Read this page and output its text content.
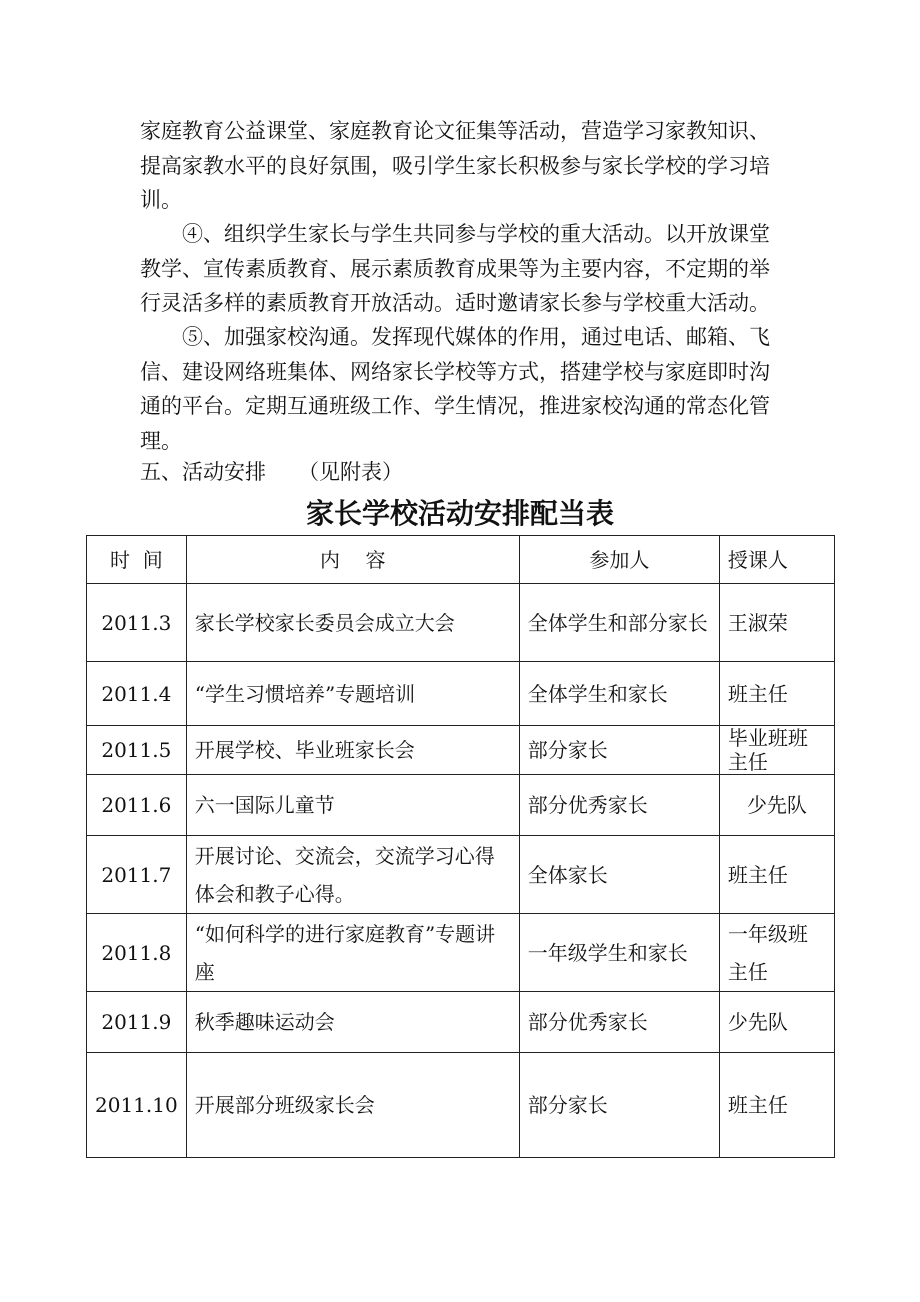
家庭教育公益课堂、家庭教育论文征集等活动，营造学习家教知识、
提高家教水平的良好氛围，吸引学生家长积极参与家长学校的学习培
训。

④、组织学生家长与学生共同参与学校的重大活动。以开放课堂
教学、宣传素质教育、展示素质教育成果等为主要内容，不定期的举
行灵活多样的素质教育开放活动。适时邀请家长参与学校重大活动。

⑤、加强家校沟通。发挥现代媒体的作用，通过电话、邮箱、飞
信、建设网络班集体、网络家长学校等方式，搭建学校与家庭即时沟
通的平台。定期互通班级工作、学生情况，推进家校沟通的常态化管
理。

五、活动安排 （见附表）

家长学校活动安排配当表
时  间	内    容	参加人	授课人
2011.3	家长学校家长委员会成立大会	全体学生和部分家长	王淑荣
2011.4	“学生习惯培养”专题培训	全体学生和家长	班主任
2011.5	开展学校、毕业班家长会	部分家长	毕业班班主任
2011.6	六一国际儿童节	部分优秀家长	少先队
2011.7	开展讨论、交流会，交流学习心得体会和教子心得。	全体家长	班主任
2011.8	“如何科学的进行家庭教育”专题讲座	一年级学生和家长	一年级班主任
2011.9	秋季趣味运动会	部分优秀家长	少先队
2011.10	开展部分班级家长会	部分家长	班主任
